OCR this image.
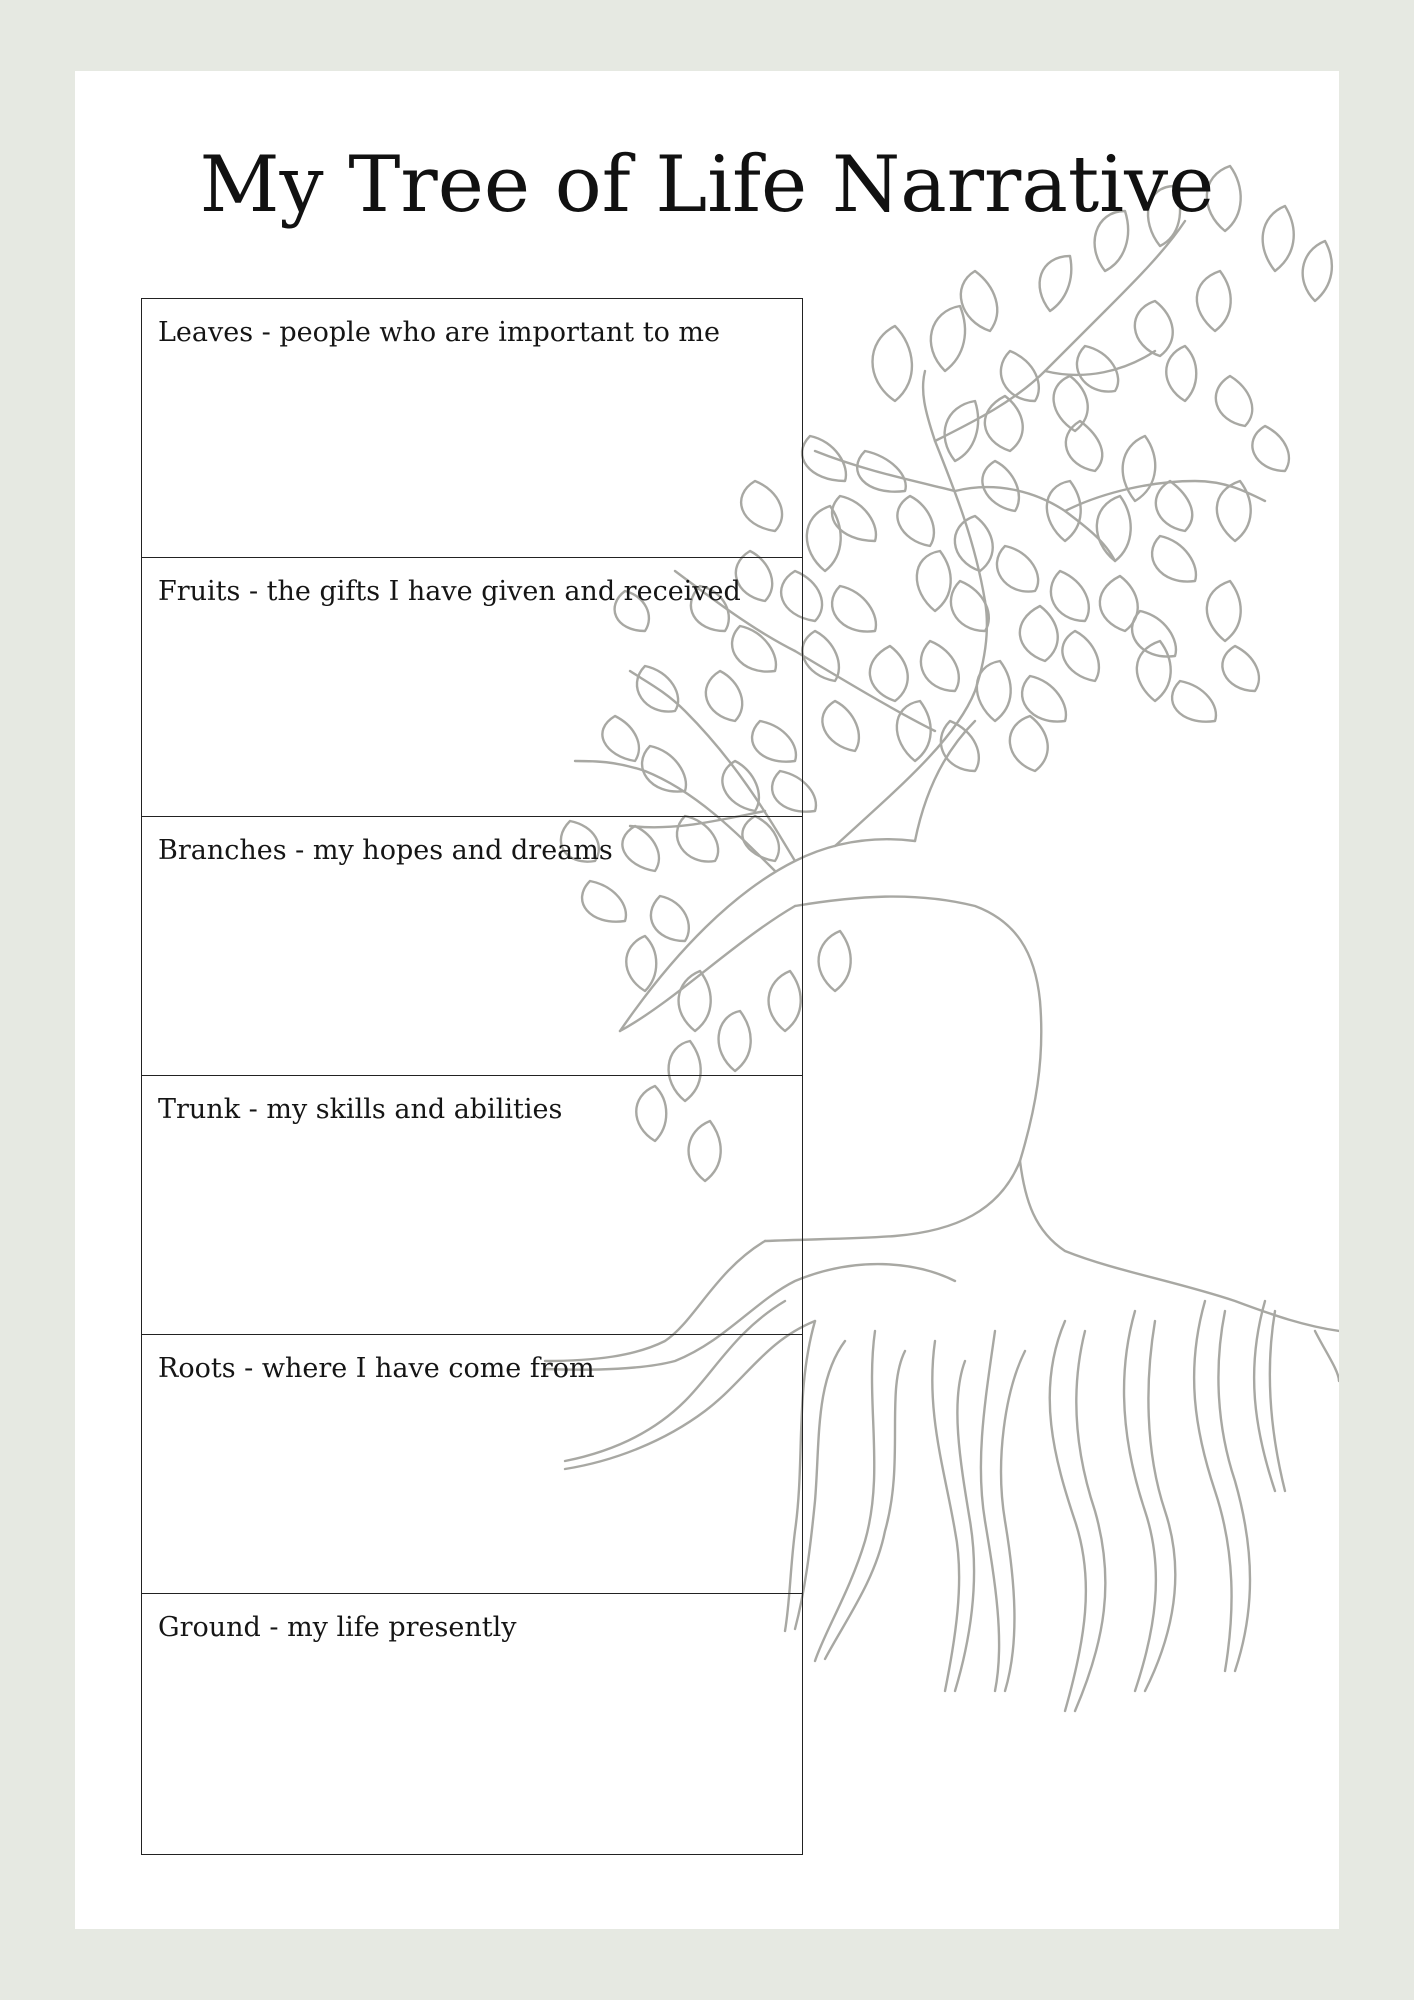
My Tree of Life Narrative
Leaves - people who are important to me
Fruits - the gifts I have given and received
Branches - my hopes and dreams
Trunk - my skills and abilities
Roots - where I have come from
Ground - my life presently
